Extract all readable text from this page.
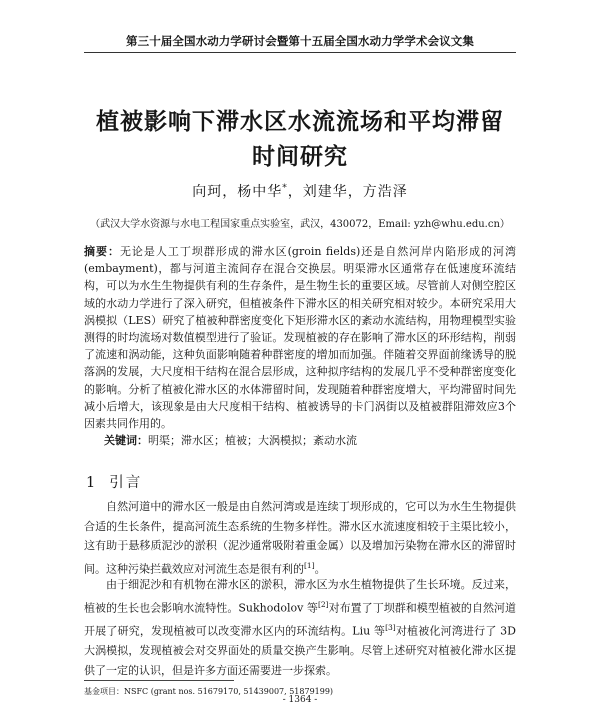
第三十届全国水动力学研讨会暨第十五届全国水动力学学术会议文集
植被影响下滞水区水流流场和平均滞留
时间研究
向珂，杨中华*，刘建华，方浩泽
（武汉大学水资源与水电工程国家重点实验室，武汉，430072，Email: yzh@whu.edu.cn）
摘要：无论是人工丁坝群形成的滞水区(groin fields)还是自然河岸内陷形成的河湾(embayment)，都与河道主流间存在混合交换层。明渠滞水区通常存在低速度环流结构，可以为水生生物提供有利的生存条件，是生物生长的重要区域。尽管前人对侧空腔区域的水动力学进行了深入研究，但植被条件下滞水区的相关研究相对较少。本研究采用大涡模拟（LES）研究了植被种群密度变化下矩形滞水区的紊动水流结构，用物理模型实验测得的时均流场对数值模型进行了验证。发现植被的存在影响了滞水区的环形结构，削弱了流速和涡动能，这种负面影响随着种群密度的增加而加强。伴随着交界面前缘诱导的脱落涡的发展，大尺度相干结构在混合层形成，这种拟序结构的发展几乎不受种群密度变化的影响。分析了植被化滞水区的水体滞留时间，发现随着种群密度增大，平均滞留时间先减小后增大，该现象是由大尺度相干结构、植被诱导的卡门涡街以及植被群阻滞效应3个因素共同作用的。
关键词：明渠；滞水区；植被；大涡模拟；紊动水流
1 引言
自然河道中的滞水区一般是由自然河湾或是连续丁坝形成的，它可以为水生生物提供合适的生长条件，提高河流生态系统的生物多样性。滞水区水流速度相较于主渠比较小，这有助于悬移质泥沙的淤积（泥沙通常吸附着重金属）以及增加污染物在滞水区的滞留时间。这种污染拦截效应对河流生态是很有利的[1]。
由于细泥沙和有机物在滞水区的淤积，滞水区为水生植物提供了生长环境。反过来，植被的生长也会影响水流特性。Sukhodolov 等[2]对布置了丁坝群和模型植被的自然河道开展了研究，发现植被可以改变滞水区内的环流结构。Liu 等[3]对植被化河湾进行了 3D 大涡模拟，发现植被会对交界面处的质量交换产生影响。尽管上述研究对植被化滞水区提供了一定的认识，但是许多方面还需要进一步探索。
基金项目：NSFC (grant nos. 51679170, 51439007, 51879199)
- 1364 -
